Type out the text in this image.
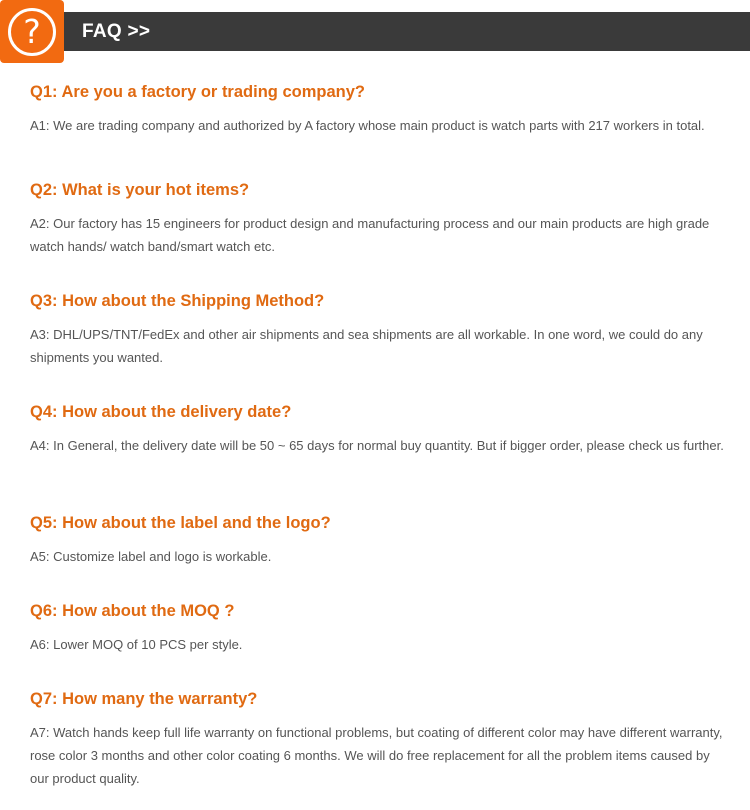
? FAQ >>
Q1: Are you a factory or trading company?
A1: We are trading company and authorized by A factory whose main product is watch parts with 217 workers in total.
Q2: What is your hot items?
A2: Our factory has 15 engineers for product design and manufacturing process and our main products are high grade watch hands/ watch band/smart watch etc.
Q3: How about the Shipping Method?
A3: DHL/UPS/TNT/FedEx and other air shipments and sea shipments are all workable. In one word, we could do any shipments you wanted.
Q4: How about the delivery date?
A4: In General, the delivery date will be 50 ~ 65 days for normal buy quantity. But if bigger order, please check us further.
Q5: How about the label and the logo?
A5: Customize label and logo is workable.
Q6: How about the MOQ ?
A6: Lower MOQ of 10 PCS per style.
Q7: How many the warranty?
A7: Watch hands keep full life warranty on functional problems, but coating of different color may have different warranty, rose color 3 months and other color coating 6 months. We will do free replacement for all the problem items caused by our product quality.
